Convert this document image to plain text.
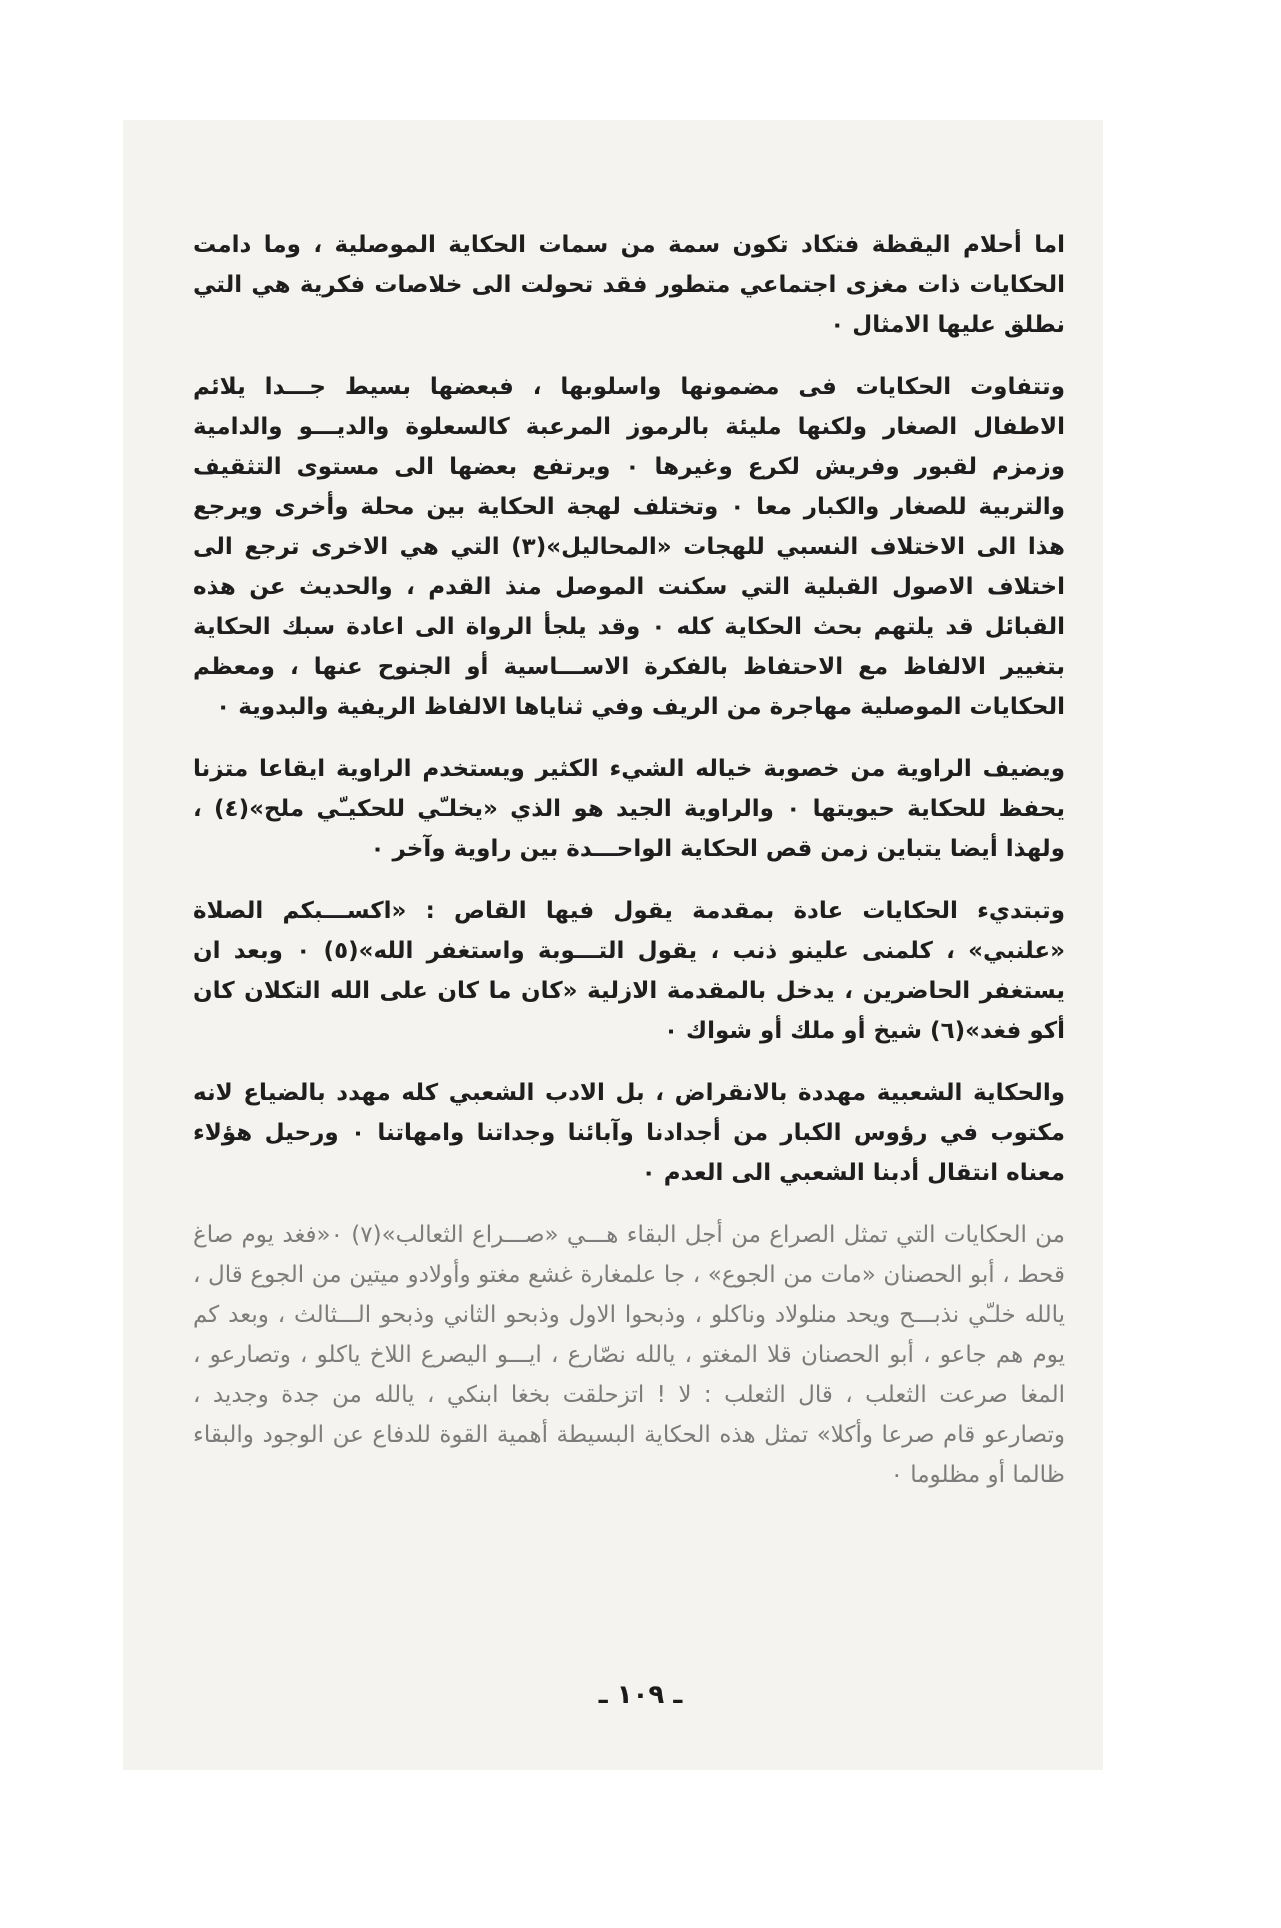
اما أحلام اليقظة فتكاد تكون سمة من سمات الحكاية الموصلية ، وما دامت الحكايات ذات مغزى اجتماعي متطور فقد تحولت الى خلاصات فكرية هي التي نطلق عليها الامثال ٠

وتتفاوت الحكايات فى مضمونها واسلوبها ، فبعضها بسيط جـــدا يلائم الاطفال الصغار ولكنها مليئة بالرموز المرعبة كالسعلوة والديـــو والدامية وزمزم لقبور وفريش لكرع وغيرها ٠ ويرتفع بعضها الى مستوى التثقيف والتربية للصغار والكبار معا ٠ وتختلف لهجة الحكاية بين محلة وأخرى ويرجع هذا الى الاختلاف النسبي للهجات «المحاليل»(٣) التي هي الاخرى ترجع الى اختلاف الاصول القبلية التي سكنت الموصل منذ القدم ، والحديث عن هذه القبائل قد يلتهم بحث الحكاية كله ٠ وقد يلجأ الرواة الى اعادة سبك الحكاية بتغيير الالفاظ مع الاحتفاظ بالفكرة الاســـاسية أو الجنوح عنها ، ومعظم الحكايات الموصلية مهاجرة من الريف وفي ثناياها الالفاظ الريفية والبدوية ٠

ويضيف الراوية من خصوبة خياله الشيء الكثير ويستخدم الراوية ايقاعا متزنا يحفظ للحكاية حيويتها ٠ والراوية الجيد هو الذي «يخلـّي للحكيـّي ملح»(٤) ، ولهذا أيضا يتباين زمن قص الحكاية الواحـــدة بين راوية وآخر ٠

وتبتديء الحكايات عادة بمقدمة يقول فيها القاص : «اكســـبكم الصلاة «علنبي» ، كلمنى علينو ذنب ، يقول التـــوبة واستغفر الله»(٥) ٠ وبعد ان يستغفر الحاضرين ، يدخل بالمقدمة الازلية «كان ما كان على الله التكلان كان أكو فغد»(٦) شيخ أو ملك أو شواك ٠

والحكاية الشعبية مهددة بالانقراض ، بل الادب الشعبي كله مهدد بالضياع لانه مكتوب في رؤوس الكبار من أجدادنا وآبائنا وجداتنا وامهاتنا ٠ ورحيل هؤلاء معناه انتقال أدبنا الشعبي الى العدم ٠

من الحكايات التي تمثل الصراع من أجل البقاء هـــي «صـــراع الثعالب»(٧) ٠«فغد يوم صاغ قحط ، أبو الحصنان «مات من الجوع» ، جا علمغارة غشع مغتو وأولادو ميتين من الجوع قال ، يالله خلـّي نذبـــح ويحد منلولاد وناكلو ، وذبحوا الاول وذبحو الثاني وذبحو الـــثالث ، وبعد كم يوم هم جاعو ، أبو الحصنان قلا المغتو ، يالله نصّارع ، ايـــو اليصرع اللاخ ياكلو ، وتصارعو ، المغا صرعت الثعلب ، قال الثعلب : لا ! اتزحلقت بخغا ابنكي ، يالله من جدة وجديد ، وتصارعو قام صرعا وأكلا» تمثل هذه الحكاية البسيطة أهمية القوة للدفاع عن الوجود والبقاء ظالما أو مظلوما ٠

ـ ١٠٩ ـ
